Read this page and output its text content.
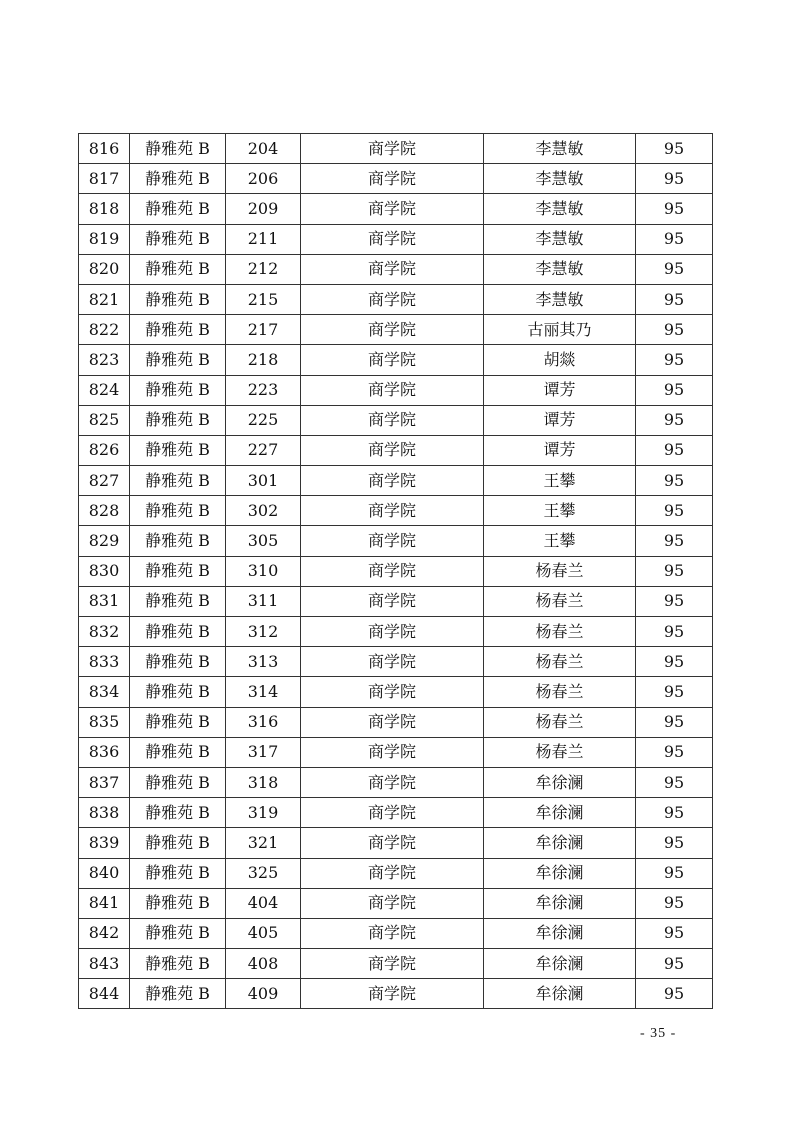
816	静雅苑 B	204	商学院	李慧敏	95
817	静雅苑 B	206	商学院	李慧敏	95
818	静雅苑 B	209	商学院	李慧敏	95
819	静雅苑 B	211	商学院	李慧敏	95
820	静雅苑 B	212	商学院	李慧敏	95
821	静雅苑 B	215	商学院	李慧敏	95
822	静雅苑 B	217	商学院	古丽其乃	95
823	静雅苑 B	218	商学院	胡燚	95
824	静雅苑 B	223	商学院	谭芳	95
825	静雅苑 B	225	商学院	谭芳	95
826	静雅苑 B	227	商学院	谭芳	95
827	静雅苑 B	301	商学院	王攀	95
828	静雅苑 B	302	商学院	王攀	95
829	静雅苑 B	305	商学院	王攀	95
830	静雅苑 B	310	商学院	杨春兰	95
831	静雅苑 B	311	商学院	杨春兰	95
832	静雅苑 B	312	商学院	杨春兰	95
833	静雅苑 B	313	商学院	杨春兰	95
834	静雅苑 B	314	商学院	杨春兰	95
835	静雅苑 B	316	商学院	杨春兰	95
836	静雅苑 B	317	商学院	杨春兰	95
837	静雅苑 B	318	商学院	牟徐澜	95
838	静雅苑 B	319	商学院	牟徐澜	95
839	静雅苑 B	321	商学院	牟徐澜	95
840	静雅苑 B	325	商学院	牟徐澜	95
841	静雅苑 B	404	商学院	牟徐澜	95
842	静雅苑 B	405	商学院	牟徐澜	95
843	静雅苑 B	408	商学院	牟徐澜	95
844	静雅苑 B	409	商学院	牟徐澜	95
- 35 -
